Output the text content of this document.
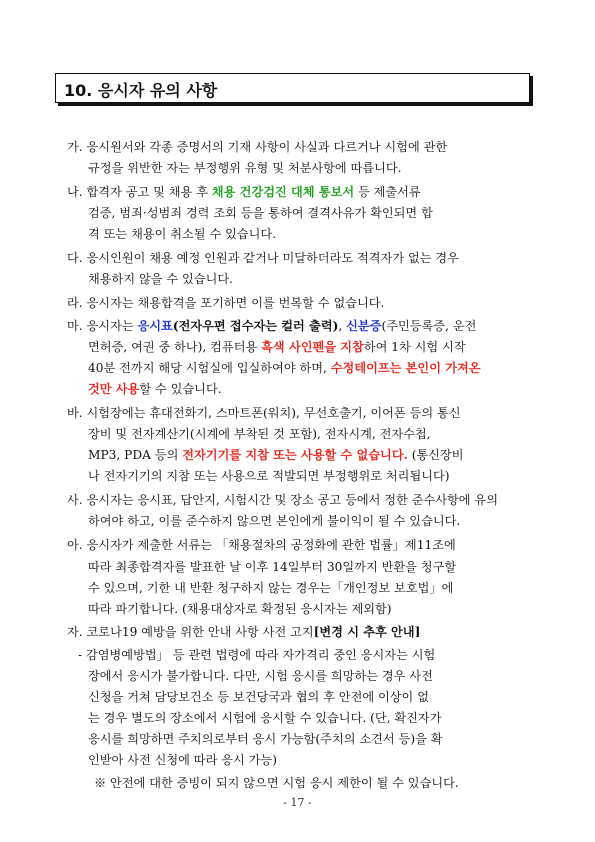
10. 응시자 유의 사항
가. 응시원서와 각종 증명서의 기재 사항이 사실과 다르거나 시험에 관한
규정을 위반한 자는 부정행위 유형 및 처분사항에 따릅니다.
나. 합격자 공고 및 채용 후 채용 건강검진 대체 통보서 등 제출서류
검증, 범죄·성범죄 경력 조회 등을 통하여 결격사유가 확인되면 합
격 또는 채용이 취소될 수 있습니다.
다. 응시인원이 채용 예정 인원과 같거나 미달하더라도 적격자가 없는 경우
채용하지 않을 수 있습니다.
라. 응시자는 채용합격을 포기하면 이를 번복할 수 없습니다.
마. 응시자는 응시표(전자우편 접수자는 컬러 출력), 신분증(주민등록증, 운전
면허증, 여권 중 하나), 컴퓨터용 흑색 사인펜을 지참하여 1차 시험 시작
40분 전까지 해당 시험실에 입실하여야 하며, 수정테이프는 본인이 가져온
것만 사용할 수 있습니다.
바. 시험장에는 휴대전화기, 스마트폰(워치), 무선호출기, 이어폰 등의 통신
장비 및 전자계산기(시계에 부착된 것 포함), 전자시계, 전자수첩,
MP3, PDA 등의 전자기기를 지참 또는 사용할 수 없습니다. (통신장비
나 전자기기의 지참 또는 사용으로 적발되면 부정행위로 처리됩니다)
사. 응시자는 응시표, 답안지, 시험시간 및 장소 공고 등에서 정한 준수사항에 유의
하여야 하고, 이를 준수하지 않으면 본인에게 불이익이 될 수 있습니다.
아. 응시자가 제출한 서류는 「채용절차의 공정화에 관한 법률」제11조에
따라 최종합격자를 발표한 날 이후 14일부터 30일까지 반환을 청구할
수 있으며, 기한 내 반환 청구하지 않는 경우는「개인정보 보호법」에
따라 파기합니다. (채용대상자로 확정된 응시자는 제외함)
자. 코로나19 예방을 위한 안내 사항 사전 고지[변경 시 추후 안내]
- 감염병예방법」 등 관련 법령에 따라 자가격리 중인 응시자는 시험
장에서 응시가 불가합니다. 다만, 시험 응시를 희망하는 경우 사전
신청을 거쳐 담당보건소 등 보건당국과 협의 후 안전에 이상이 없
는 경우 별도의 장소에서 시험에 응시할 수 있습니다. (단, 확진자가
응시를 희망하면 주치의로부터 응시 가능함(주치의 소견서 등)을 확
인받아 사전 신청에 따라 응시 가능)
※ 안전에 대한 증빙이 되지 않으면 시험 응시 제한이 될 수 있습니다.
- 17 -
